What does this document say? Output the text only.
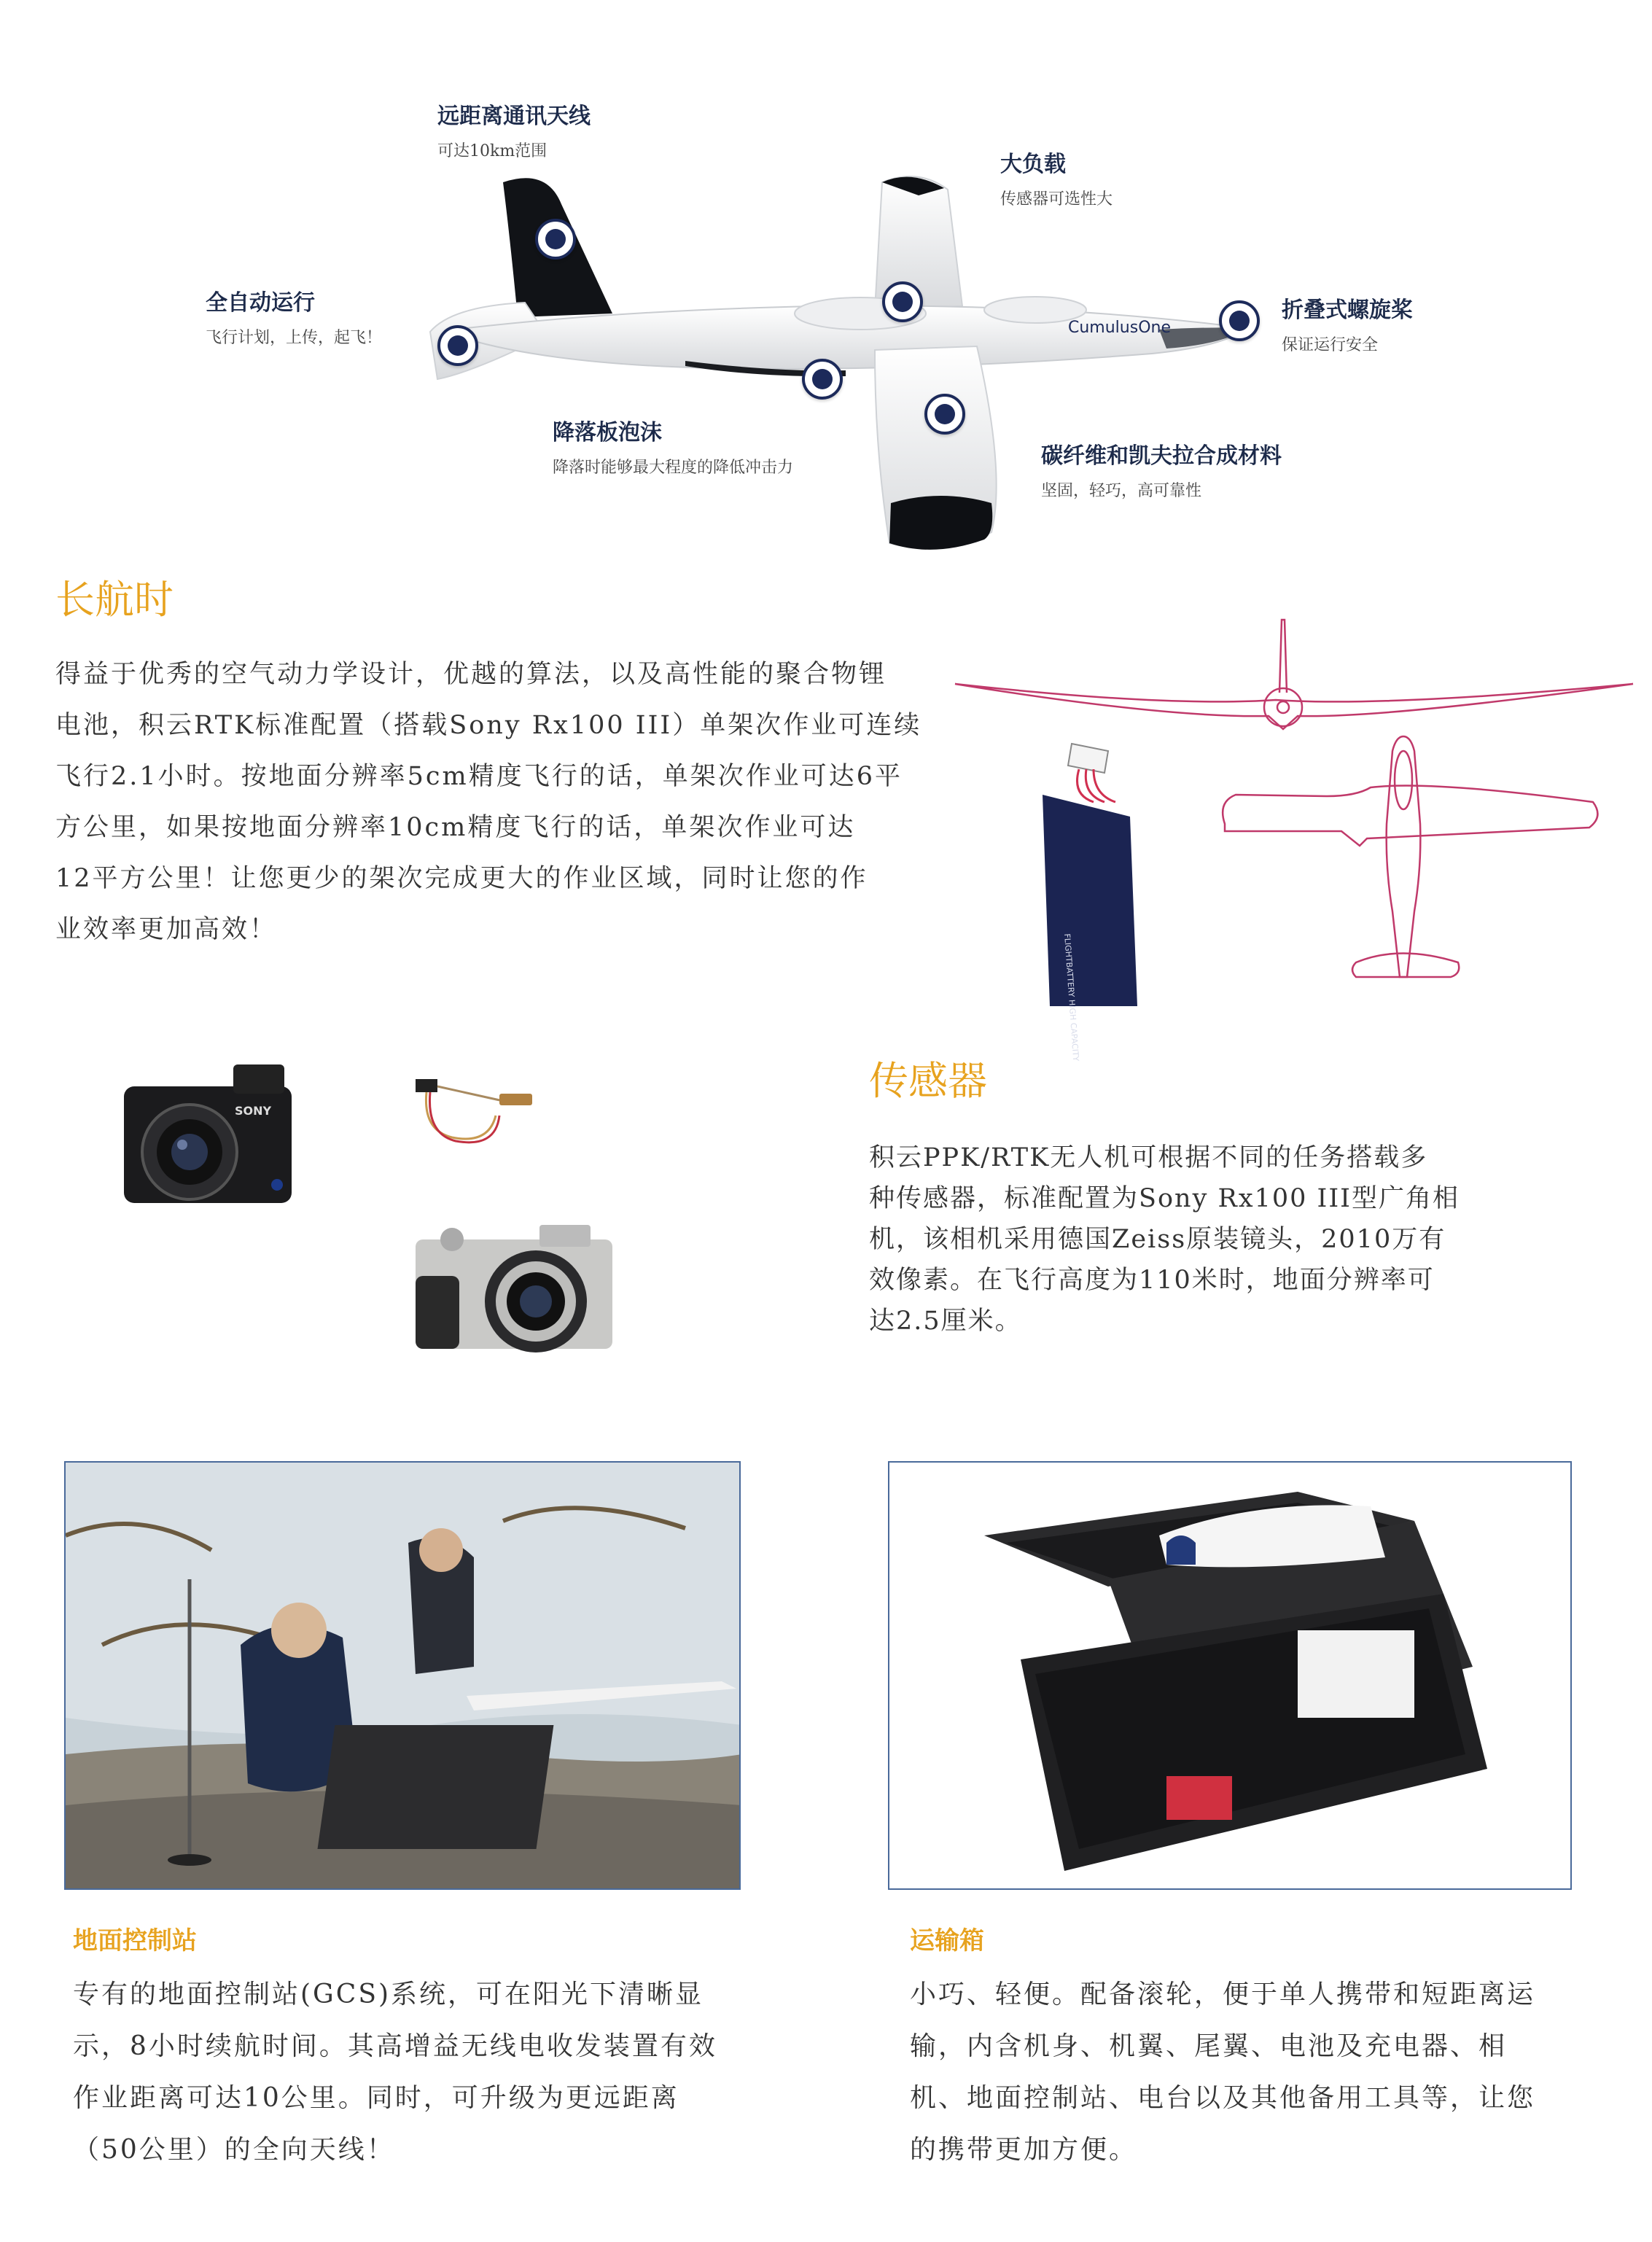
CumulusOne
远距离通讯天线
可达10km范围
大负载
传感器可选性大
全自动运行
飞行计划，上传，起飞！
折叠式螺旋桨
保证运行安全
降落板泡沫
降落时能够最大程度的降低冲击力	碳纤维和凯夫拉合成材料
坚固，轻巧，高可靠性
长航时
得益于优秀的空气动力学设计，优越的算法，以及高性能的聚合物锂
电池，积云RTK标准配置（搭载Sony Rx100 III）单架次作业可连续
飞行2.1小时。按地面分辨率5cm精度飞行的话，单架次作业可达6平
方公里，如果按地面分辨率10cm精度飞行的话，单架次作业可达
12平方公里！让您更少的架次完成更大的作业区域，同时让您的作
业效率更加高效！
FLIGHTBATTERY HIGH CAPACITY
SONY
传感器
积云PPK/RTK无人机可根据不同的任务搭载多
种传感器，标准配置为Sony Rx100 III型广角相
机，该相机采用德国Zeiss原装镜头，2010万有
效像素。在飞行高度为110米时，地面分辨率可
达2.5厘米。
地面控制站
专有的地面控制站(GCS)系统，可在阳光下清晰显
示，8小时续航时间。其高增益无线电收发装置有效
作业距离可达10公里。同时，可升级为更远距离
（50公里）的全向天线！
运输箱
小巧、轻便。配备滚轮，便于单人携带和短距离运
输，内含机身、机翼、尾翼、电池及充电器、相
机、地面控制站、电台以及其他备用工具等，让您
的携带更加方便。
